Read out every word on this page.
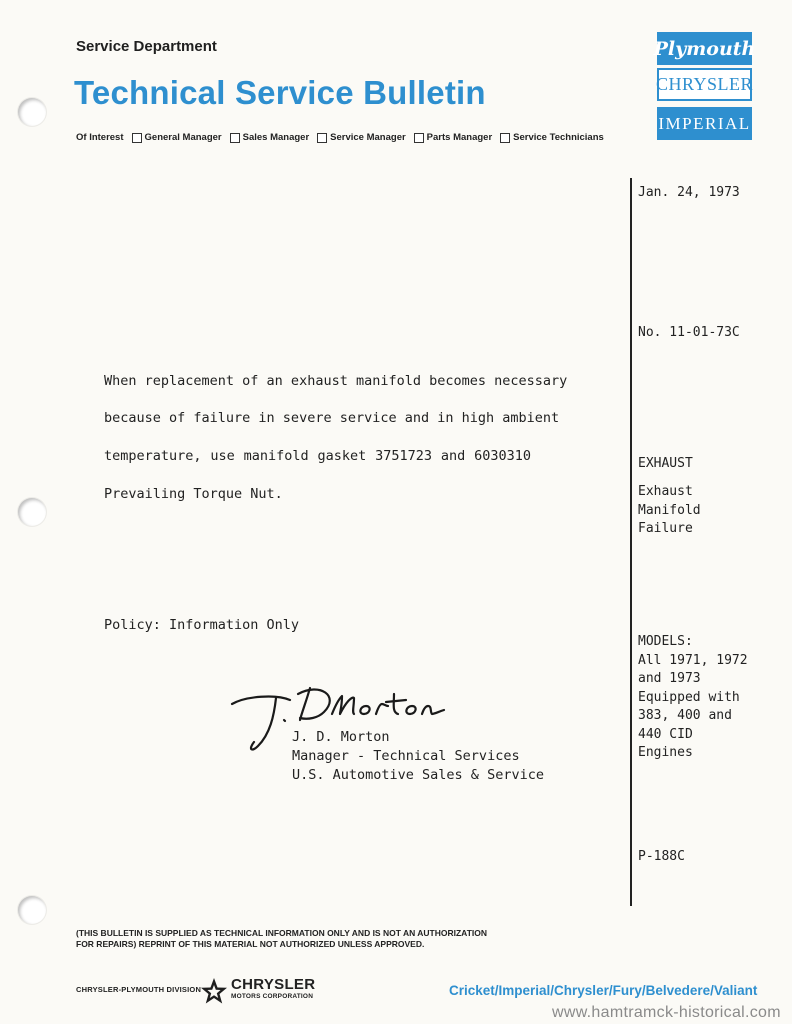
Service Department
Technical Service Bulletin
Of Interest General Manager Sales Manager Service Manager Parts Manager Service Technicians
Plymouth
CHRYSLER
IMPERIAL
Jan. 24, 1973
No. 11-01-73C
EXHAUST
Exhaust
Manifold
Failure
MODELS:
All 1971, 1972
and 1973
Equipped with
383, 400 and
440 CID
Engines
P-188C
When replacement of an exhaust manifold becomes necessary
because of failure in severe service and in high ambient
temperature, use manifold gasket 3751723 and 6030310
Prevailing Torque Nut.
Policy: Information Only
J. D. Morton
Manager - Technical Services
U.S. Automotive Sales & Service
(THIS BULLETIN IS SUPPLIED AS TECHNICAL INFORMATION ONLY AND IS NOT AN AUTHORIZATION
FOR REPAIRS) REPRINT OF THIS MATERIAL NOT AUTHORIZED UNLESS APPROVED.
CHRYSLER-PLYMOUTH DIVISION CHRYSLER
MOTORS CORPORATION	Cricket/Imperial/Chrysler/Fury/Belvedere/Valiant
www.hamtramck-historical.com
